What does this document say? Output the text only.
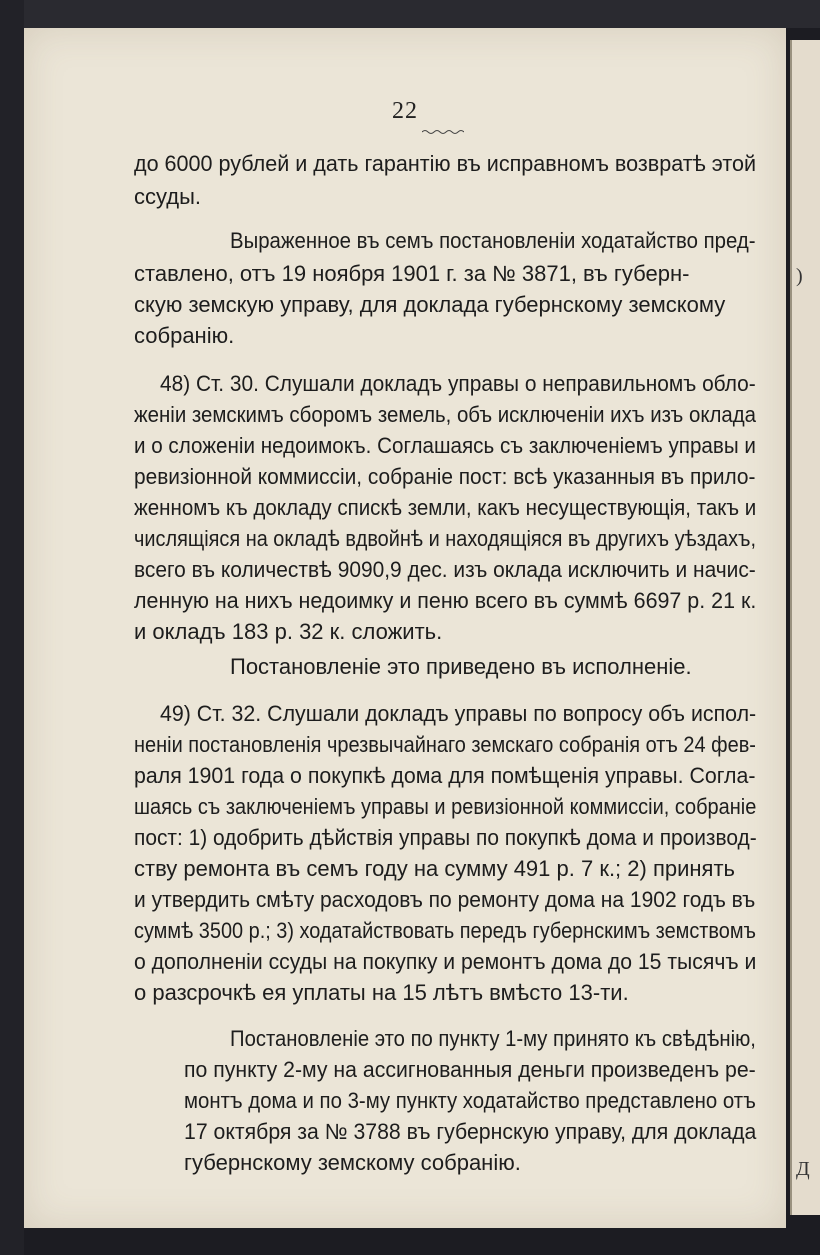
)
Д
22
до 6000 рублей и дать гарантію въ исправномъ возвратѣ этой
ссуды.
Выраженное въ семъ постановленіи ходатайство пред-
ставлено, отъ 19 ноября 1901 г. за № 3871, въ губерн-
скую земскую управу, для доклада губернскому земскому
собранію.
48) Ст. 30. Слушали докладъ управы о неправильномъ обло-
женіи земскимъ сборомъ земель, объ исключеніи ихъ изъ оклада
и о сложеніи недоимокъ. Соглашаясь съ заключеніемъ управы и
ревизіонной коммиссіи, собраніе пост: всѣ указанныя въ прило-
женномъ къ докладу спискѣ земли, какъ несуществующія, такъ и
числящіяся на окладѣ вдвойнѣ и находящіяся въ другихъ уѣздахъ,
всего въ количествѣ 9090,9 дес. изъ оклада исключить и начис-
ленную на нихъ недоимку и пеню всего въ суммѣ 6697 р. 21 к.
и окладъ 183 р. 32 к. сложить.
Постановленіе это приведено въ исполненіе.
49) Ст. 32. Слушали докладъ управы по вопросу объ испол-
неніи постановленія чрезвычайнаго земскаго собранія отъ 24 фев-
раля 1901 года о покупкѣ дома для помѣщенія управы. Согла-
шаясь съ заключеніемъ управы и ревизіонной коммиссіи, собраніе
пост: 1) одобрить дѣйствія управы по покупкѣ дома и производ-
ству ремонта въ семъ году на сумму 491 р. 7 к.; 2) принять
и утвердить смѣту расходовъ по ремонту дома на 1902 годъ въ
суммѣ 3500 р.; 3) ходатайствовать передъ губернскимъ земствомъ
о дополненіи ссуды на покупку и ремонтъ дома до 15 тысячъ и
о разсрочкѣ ея уплаты на 15 лѣтъ вмѣсто 13-ти.
Постановленіе это по пункту 1-му принято къ свѣдѣнію,
по пункту 2-му на ассигнованныя деньги произведенъ ре-
монтъ дома и по 3-му пункту ходатайство представлено отъ
17 октября за № 3788 въ губернскую управу, для доклада
губернскому земскому собранію.
